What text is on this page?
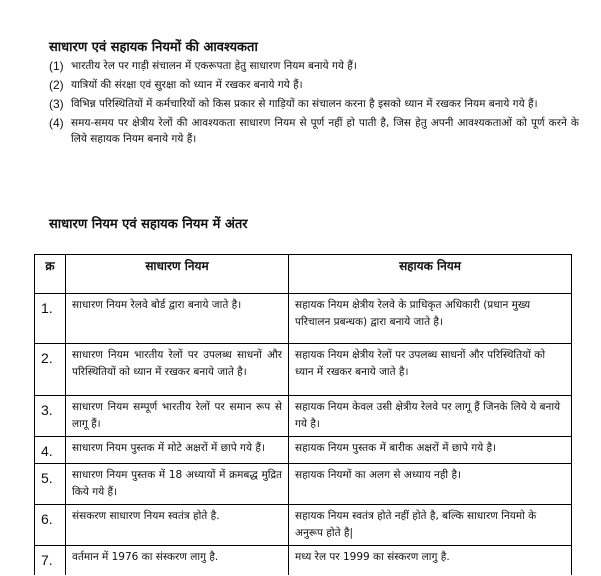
साधारण एवं सहायक नियमों की आवश्यकता
(1) भारतीय रेल पर गाड़ी संचालन में एकरूपता हेतु साधारण नियम बनाये गये हैं।
(2) यात्रियों की संरक्षा एवं सुरक्षा को ध्यान में रखकर बनाये गये हैं।
(3) विभिन्न परिस्थितियों में कर्मचारियों को किस प्रकार से गाड़ियों का संचालन करना है इसको ध्यान में रखकर नियम बनाये गये हैं।
(4) समय-समय पर क्षेत्रीय रेलों की आवश्यकता साधारण नियम से पूर्ण नहीं हो पाती है, जिस हेतु अपनी आवश्यकताओं को पूर्ण करने के लिये सहायक नियम बनाये गये हैं।
साधारण नियम एवं सहायक नियम में अंतर
क्र	साधारण नियम	सहायक नियम
1.	साधारण नियम रेलवे बोर्ड द्वारा बनाये जाते है।	सहायक नियम क्षेत्रीय रेलवे के प्राधिकृत अधिकारी (प्रधान मुख्य परिचालन प्रबन्धक) द्वारा बनाये जाते है।
2.	साधारण नियम भारतीय रेलों पर उपलब्ध साधनों और परिस्थितियों को ध्यान में रखकर बनाये जाते है।	सहायक नियम क्षेत्रीय रेलों पर उपलब्ध साधनों और परिस्थितियों को ध्यान में रखकर बनाये जाते है।
3.	साधारण नियम सम्पूर्ण भारतीय रेलों पर समान रूप से लागू हैं।	सहायक नियम केवल उसी क्षेत्रीय रेलवे पर लागू हैं जिनके लिये ये बनाये गये है।
4.	साधारण नियम पुस्तक में मोटे अक्षरों में छापे गये हैं।	सहायक नियम पुस्तक में बारीक अक्षरों में छापे गये है।
5.	साधारण नियम पुस्तक में 18 अध्यायों में क्रमबद्ध मुद्रित किये गये हैं।	सहायक नियमों का अलग से अध्याय नही है।
6.	संसकरण साधारण नियम स्वतंत्र होते है.	सहायक नियम स्वतंत्र होते नहीं होते है, बल्कि साधारण नियमो के अनुरूप होते है|
7.	वर्तमान में 1976 का संस्करण लागु है.	मध्य रेल पर 1999 का संस्करण लागु है.
